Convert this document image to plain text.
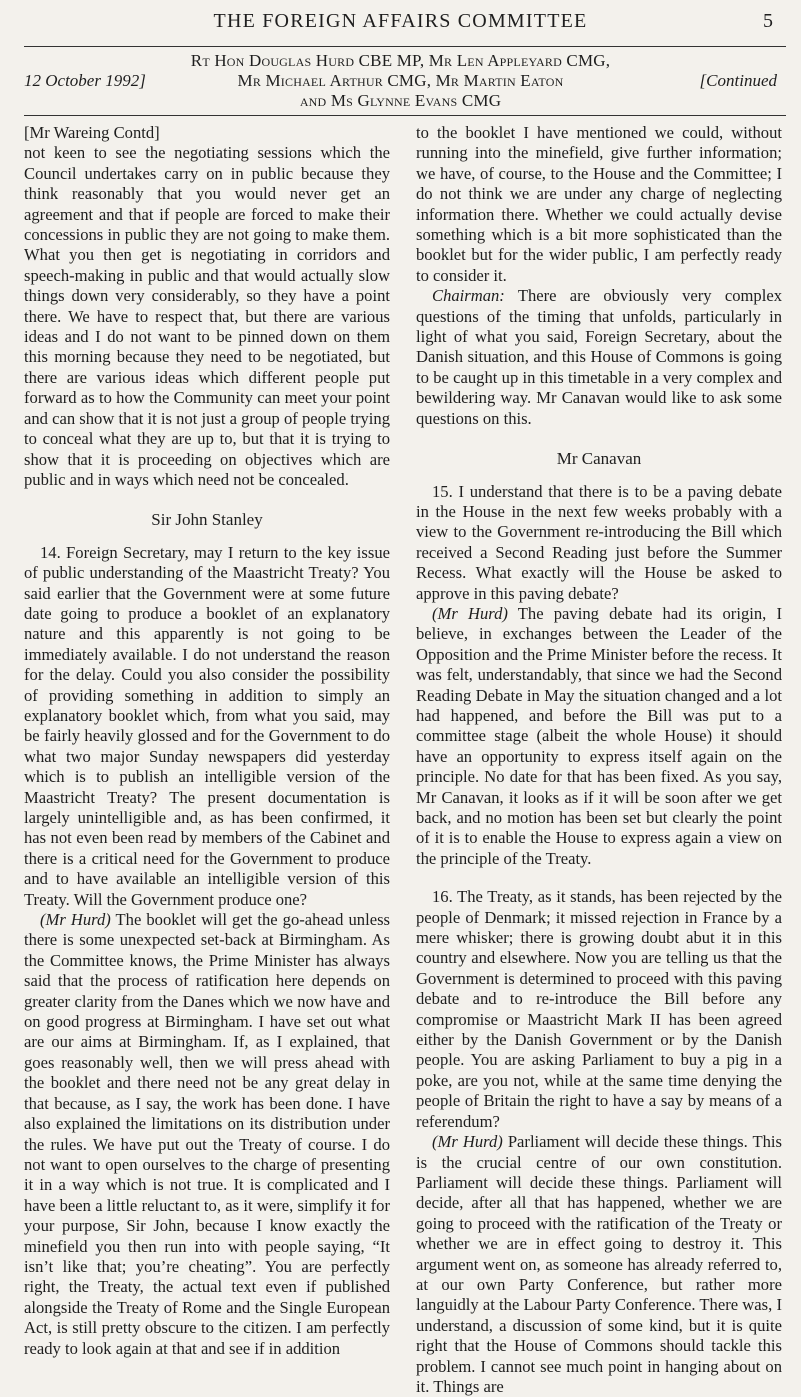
THE FOREIGN AFFAIRS COMMITTEE	5
Rt Hon Douglas Hurd CBE MP, Mr Len Appleyard CMG,
Mr Michael Arthur CMG, Mr Martin Eaton
and Ms Glynne Evans CMG
12 October 1992]	[Continued

[Mr Wareing Contd]

not keen to see the negotiating sessions which the Council undertakes carry on in public because they think reasonably that you would never get an agreement and that if people are forced to make their concessions in public they are not going to make them. What you then get is negotiating in corridors and speech-making in public and that would actually slow things down very considerably, so they have a point there. We have to respect that, but there are various ideas and I do not want to be pinned down on them this morning because they need to be negotiated, but there are various ideas which different people put forward as to how the Community can meet your point and can show that it is not just a group of people trying to conceal what they are up to, but that it is trying to show that it is proceeding on objectives which are public and in ways which need not be concealed.

Sir John Stanley

14. Foreign Secretary, may I return to the key issue of public understanding of the Maastricht Treaty? You said earlier that the Government were at some future date going to produce a booklet of an explanatory nature and this apparently is not going to be immediately available. I do not understand the reason for the delay. Could you also consider the possibility of providing something in addition to simply an explanatory booklet which, from what you said, may be fairly heavily glossed and for the Government to do what two major Sunday newspapers did yesterday which is to publish an intelligible version of the Maastricht Treaty? The present documentation is largely unintelligible and, as has been confirmed, it has not even been read by members of the Cabinet and there is a critical need for the Government to produce and to have available an intelligible version of this Treaty. Will the Government produce one?

(Mr Hurd) The booklet will get the go-ahead unless there is some unexpected set-back at Birmingham. As the Committee knows, the Prime Minister has always said that the process of ratification here depends on greater clarity from the Danes which we now have and on good progress at Birmingham. I have set out what are our aims at Birmingham. If, as I explained, that goes reasonably well, then we will press ahead with the booklet and there need not be any great delay in that because, as I say, the work has been done. I have also explained the limitations on its distribution under the rules. We have put out the Treaty of course. I do not want to open ourselves to the charge of presenting it in a way which is not true. It is complicated and I have been a little reluctant to, as it were, simplify it for your purpose, Sir John, because I know exactly the minefield you then run into with people saying, “It isn’t like that; you’re cheating”. You are perfectly right, the Treaty, the actual text even if published alongside the Treaty of Rome and the Single European Act, is still pretty obscure to the citizen. I am perfectly ready to look again at that and see if in addition

to the booklet I have mentioned we could, without running into the minefield, give further information; we have, of course, to the House and the Committee; I do not think we are under any charge of neglecting information there. Whether we could actually devise something which is a bit more sophisticated than the booklet but for the wider public, I am perfectly ready to consider it.

Chairman: There are obviously very complex questions of the timing that unfolds, particularly in light of what you said, Foreign Secretary, about the Danish situation, and this House of Commons is going to be caught up in this timetable in a very complex and bewildering way. Mr Canavan would like to ask some questions on this.

Mr Canavan

15. I understand that there is to be a paving debate in the House in the next few weeks probably with a view to the Government re-introducing the Bill which received a Second Reading just before the Summer Recess. What exactly will the House be asked to approve in this paving debate?

(Mr Hurd) The paving debate had its origin, I believe, in exchanges between the Leader of the Opposition and the Prime Minister before the recess. It was felt, understandably, that since we had the Second Reading Debate in May the situation changed and a lot had happened, and before the Bill was put to a committee stage (albeit the whole House) it should have an opportunity to express itself again on the principle. No date for that has been fixed. As you say, Mr Canavan, it looks as if it will be soon after we get back, and no motion has been set but clearly the point of it is to enable the House to express again a view on the principle of the Treaty.

16. The Treaty, as it stands, has been rejected by the people of Denmark; it missed rejection in France by a mere whisker; there is growing doubt abut it in this country and elsewhere. Now you are telling us that the Government is determined to proceed with this paving debate and to re-introduce the Bill before any compromise or Maastricht Mark II has been agreed either by the Danish Government or by the Danish people. You are asking Parliament to buy a pig in a poke, are you not, while at the same time denying the people of Britain the right to have a say by means of a referendum?

(Mr Hurd) Parliament will decide these things. This is the crucial centre of our own constitution. Parliament will decide these things. Parliament will decide, after all that has happened, whether we are going to proceed with the ratification of the Treaty or whether we are in effect going to destroy it. This argument went on, as someone has already referred to, at our own Party Conference, but rather more languidly at the Labour Party Conference. There was, I understand, a discussion of some kind, but it is quite right that the House of Commons should tackle this problem. I cannot see much point in hanging about on it. Things are
